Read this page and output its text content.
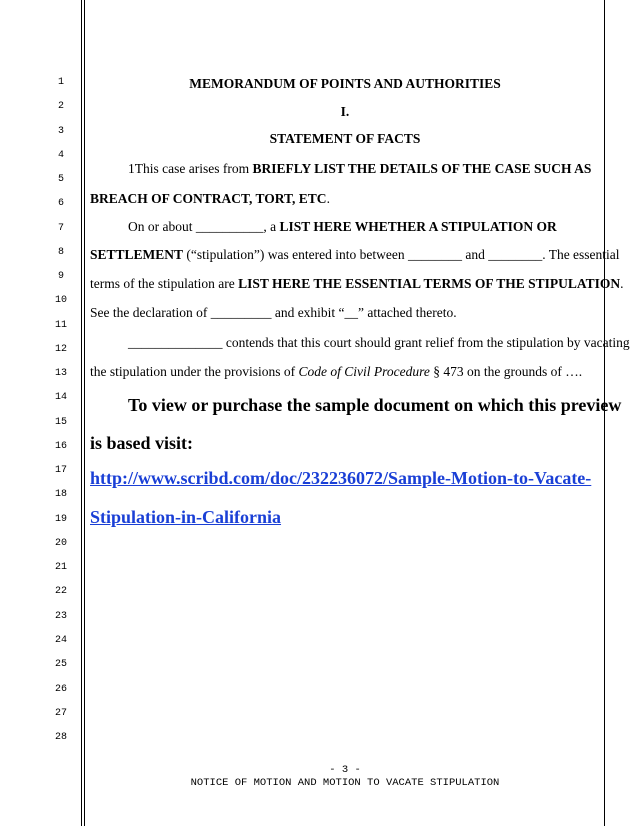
1
2
3
4
5
6
7
8
9
10
11
12
13
14
15
16
17
18
19
20
21
22
23
24
25
26
27
28
MEMORANDUM OF POINTS AND AUTHORITIES
I.
STATEMENT OF FACTS
1This case arises from BRIEFLY LIST THE DETAILS OF THE CASE SUCH AS
BREACH OF CONTRACT, TORT, ETC.
On or about __________, a LIST HERE WHETHER A STIPULATION OR
SETTLEMENT (“stipulation”) was entered into between ________ and ________. The essential
terms of the stipulation are LIST HERE THE ESSENTIAL TERMS OF THE STIPULATION.
See the declaration of _________ and exhibit “__” attached thereto.
______________ contends that this court should grant relief from the stipulation by vacating
the stipulation under the provisions of Code of Civil Procedure § 473 on the grounds of ….
To view or purchase the sample document on which this preview
is based visit:
http://www.scribd.com/doc/232236072/Sample-Motion-to-Vacate-
Stipulation-in-California
- 3 -
NOTICE OF MOTION AND MOTION TO VACATE STIPULATION
